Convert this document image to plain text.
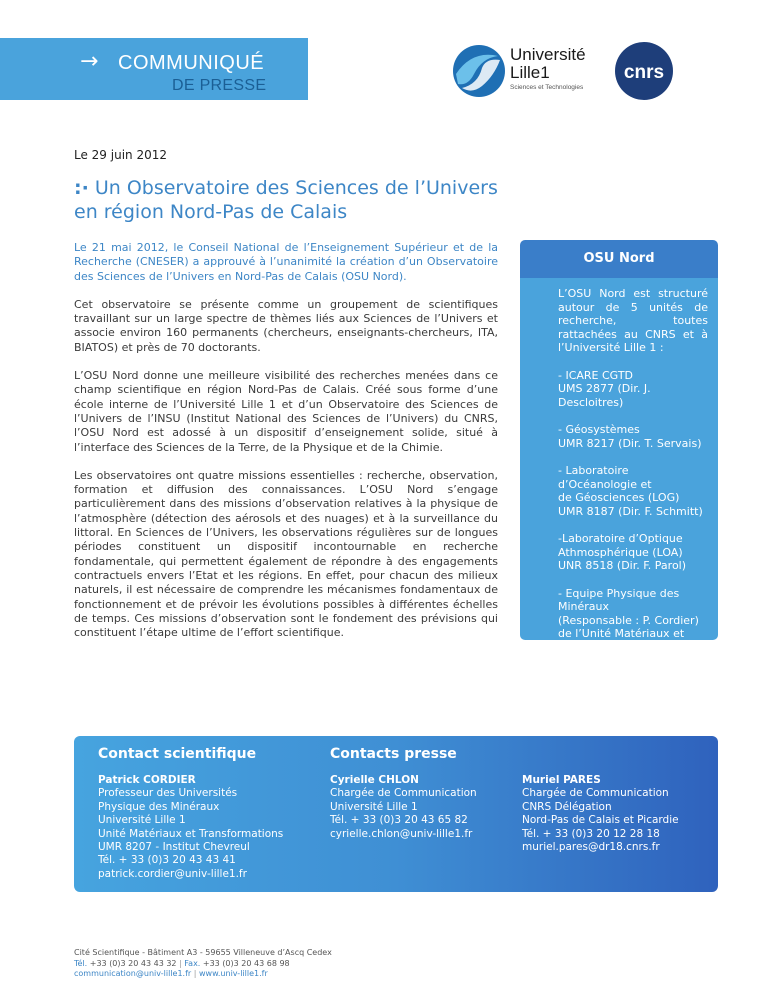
→ COMMUNIQUÉ
DE PRESSE
Université
Lille1
Sciences et Technologies
cnrs
Le 29 juin 2012
:· Un Observatoire des Sciences de l’Univers
en région Nord-Pas de Calais

Le 21 mai 2012, le Conseil National de l’Enseignement Supérieur et de la Recherche (CNESER) a approuvé à l’unanimité la création d’un Observatoire des Sciences de l’Univers en Nord-Pas de Calais (OSU Nord).

Cet observatoire se présente comme un groupement de scientifiques travaillant sur un large spectre de thèmes liés aux Sciences de l’Univers et associe environ 160 permanents (chercheurs, enseignants-chercheurs, ITA, BIATOS) et près de 70 doctorants.

L’OSU Nord donne une meilleure visibilité des recherches menées dans ce champ scientifique en région Nord-Pas de Calais. Créé sous forme d’une école interne de l’Université Lille 1 et d’un Observatoire des Sciences de l’Univers de l’INSU (Institut National des Sciences de l’Univers) du CNRS, l’OSU Nord est adossé à un dispositif d’enseignement solide, situé à l’interface des Sciences de la Terre, de la Physique et de la Chimie.

Les observatoires ont quatre missions essentielles : recherche, observation, formation et diffusion des connaissances. L’OSU Nord s’engage particulièrement dans des missions d’observation relatives à la physique de l’atmosphère (détection des aérosols et des nuages) et à la surveillance du littoral. En Sciences de l’Univers, les observations régulières sur de longues périodes constituent un dispositif incontournable en recherche fondamentale, qui permettent également de répondre à des engagements contractuels envers l’Etat et les régions. En effet, pour chacun des milieux naturels, il est nécessaire de comprendre les mécanismes fondamentaux de fonctionnement et de prévoir les évolutions possibles à différentes échelles de temps. Ces missions d’observation sont le fondement des prévisions qui constituent l’étape ultime de l’effort scientifique.

OSU Nord

L’OSU Nord est structuré autour de 5 unités de recherche, toutes rattachées au CNRS et à l’Université Lille 1 :

- ICARE CGTD
UMS 2877 (Dir. J. Descloitres)

- Géosystèmes
UMR 8217 (Dir. T. Servais)

- Laboratoire d’Océanologie et
de Géosciences (LOG)
UMR 8187 (Dir. F. Schmitt)

-Laboratoire d’Optique
Athmosphérique (LOA)
UNR 8518 (Dir. F. Parol)

- Equipe Physique des Minéraux
(Responsable : P. Cordier)
de l’Unité Matériaux et
Transformations (UMET)
UMR 8207

Contact scientifique	Contacts presse
Patrick CORDIER
Professeur des Universités
Physique des Minéraux
Université Lille 1
Unité Matériaux et Transformations
UMR 8207 - Institut Chevreul
Tél. + 33 (0)3 20 43 43 41
patrick.cordier@univ-lille1.fr
Cyrielle CHLON
Chargée de Communication
Université Lille 1
Tél. + 33 (0)3 20 43 65 82
cyrielle.chlon@univ-lille1.fr
Muriel PARES
Chargée de Communication
CNRS Délégation
Nord-Pas de Calais et Picardie
Tél. + 33 (0)3 20 12 28 18
muriel.pares@dr18.cnrs.fr
Cité Scientifique - Bâtiment A3 - 59655 Villeneuve d’Ascq Cedex
Tél. +33 (0)3 20 43 43 32 | Fax. +33 (0)3 20 43 68 98
communication@univ-lille1.fr | www.univ-lille1.fr
